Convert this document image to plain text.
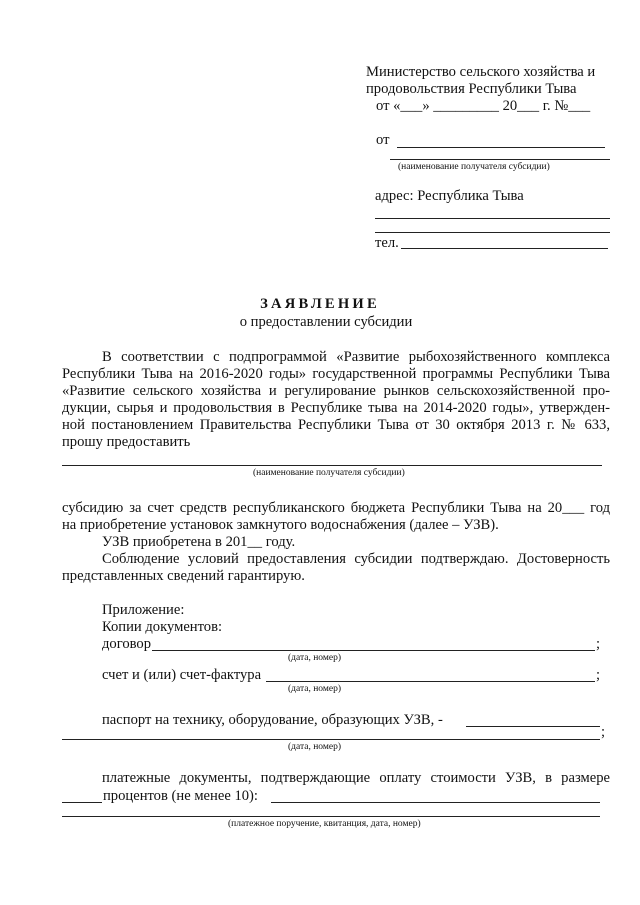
Министерство сельского хозяйства и
продовольствия Республики Тыва
от «___» _________ 20___ г. №___
от
(наименование получателя субсидии)
адрес: Республика Тыва
тел.
ЗАЯВЛЕНИЕ
о предоставлении субсидии
В соответствии с подпрограммой «Развитие рыбохозяйственного комплекса
Республики Тыва на 2016-2020 годы» государственной программы Республики Тыва
«Развитие сельского хозяйства и регулирование рынков сельскохозяйственной про-
дукции, сырья и продовольствия в Республике тыва на 2014-2020 годы», утвержден-
ной постановлением Правительства Республики Тыва от 30 октября 2013 г. № 633,
прошу предоставить
(наименование получателя субсидии)
субсидию за счет средств республиканского бюджета Республики Тыва на 20___ год
на приобретение установок замкнутого водоснабжения (далее – УЗВ).
УЗВ приобретена в 201__ году.
Соблюдение условий предоставления субсидии подтверждаю. Достоверность
представленных сведений гарантирую.
Приложение:
Копии документов:
договор	;
(дата, номер)
счет и (или) счет-фактура	;
(дата, номер)
паспорт на технику, оборудование, образующих УЗВ, -
;
(дата, номер)
платежные документы, подтверждающие оплату стоимости УЗВ, в размере
процентов (не менее 10):
(платежное поручение, квитанция, дата, номер)
